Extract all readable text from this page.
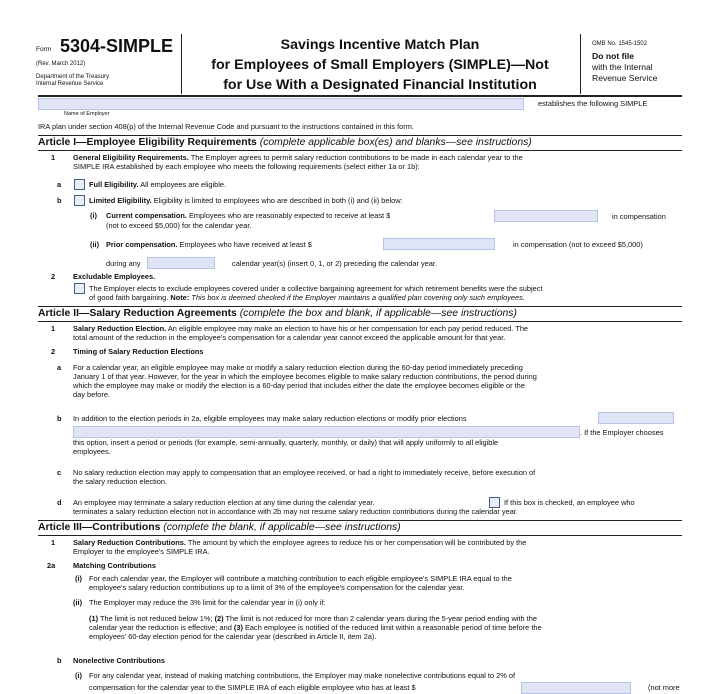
Form 5304-SIMPLE
(Rev. March 2012)
Department of the Treasury
Internal Revenue Service
Savings Incentive Match Plan
for Employees of Small Employers (SIMPLE)—Not
for Use With a Designated Financial Institution
OMB No. 1545-1502
Do not file
with the Internal
Revenue Service
establishes the following SIMPLE
Name of Employer
IRA plan under section 408(p) of the Internal Revenue Code and pursuant to the instructions contained in this form.
Article I—Employee Eligibility Requirements (complete applicable box(es) and blanks—see instructions)
1 General Eligibility Requirements. The Employer agrees to permit salary reduction contributions to be made in each calendar year to the
SIMPLE IRA established by each employee who meets the following requirements (select either 1a or 1b):
a	Full Eligibility. All employees are eligible.
b	Limited Eligibility. Eligibility is limited to employees who are described in both (i) and (ii) below:
(i) Current compensation. Employees who are reasonably expected to receive at least $	in compensation
(not to exceed $5,000) for the calendar year.
(ii) Prior compensation. Employees who have received at least $	in compensation (not to exceed $5,000)
during any	calendar year(s) (insert 0, 1, or 2) preceding the calendar year.
2 Excludable Employees.
The Employer elects to exclude employees covered under a collective bargaining agreement for which retirement benefits were the subject
of good faith bargaining. Note: This box is deemed checked if the Employer maintains a qualified plan covering only such employees.
Article II—Salary Reduction Agreements (complete the box and blank, if applicable—see instructions)
1 Salary Reduction Election. An eligible employee may make an election to have his or her compensation for each pay period reduced. The
total amount of the reduction in the employee's compensation for a calendar year cannot exceed the applicable amount for that year.
2 Timing of Salary Reduction Elections
a For a calendar year, an eligible employee may make or modify a salary reduction election during the 60-day period immediately preceding
January 1 of that year. However, for the year in which the employee becomes eligible to make salary reduction contributions, the period during
which the employee may make or modify the election is a 60-day period that includes either the date the employee becomes eligible or the
day before.
b In addition to the election periods in 2a, eligible employees may make salary reduction elections or modify prior elections
. If the Employer chooses
this option, insert a period or periods (for example, semi-annually, quarterly, monthly, or daily) that will apply uniformly to all eligible
employees.
c No salary reduction election may apply to compensation that an employee received, or had a right to immediately receive, before execution of
the salary reduction election.
d An employee may terminate a salary reduction election at any time during the calendar year.	If this box is checked, an employee who
terminates a salary reduction election not in accordance with 2b may not resume salary reduction contributions during the calendar year.
Article III—Contributions (complete the blank, if applicable—see instructions)
1 Salary Reduction Contributions. The amount by which the employee agrees to reduce his or her compensation will be contributed by the
Employer to the employee's SIMPLE IRA.
2a Matching Contributions
(i) For each calendar year, the Employer will contribute a matching contribution to each eligible employee's SIMPLE IRA equal to the
employee's salary reduction contributions up to a limit of 3% of the employee's compensation for the calendar year.
(ii) The Employer may reduce the 3% limit for the calendar year in (i) only if:
(1) The limit is not reduced below 1%; (2) The limit is not reduced for more than 2 calendar years during the 5-year period ending with the
calendar year the reduction is effective; and (3) Each employee is notified of the reduced limit within a reasonable period of time before the
employees' 60-day election period for the calendar year (described in Article II, item 2a).
b Nonelective Contributions
(i) For any calendar year, instead of making matching contributions, the Employer may make nonelective contributions equal to 2% of
compensation for the calendar year to the SIMPLE IRA of each eligible employee who has at least $	(not more
